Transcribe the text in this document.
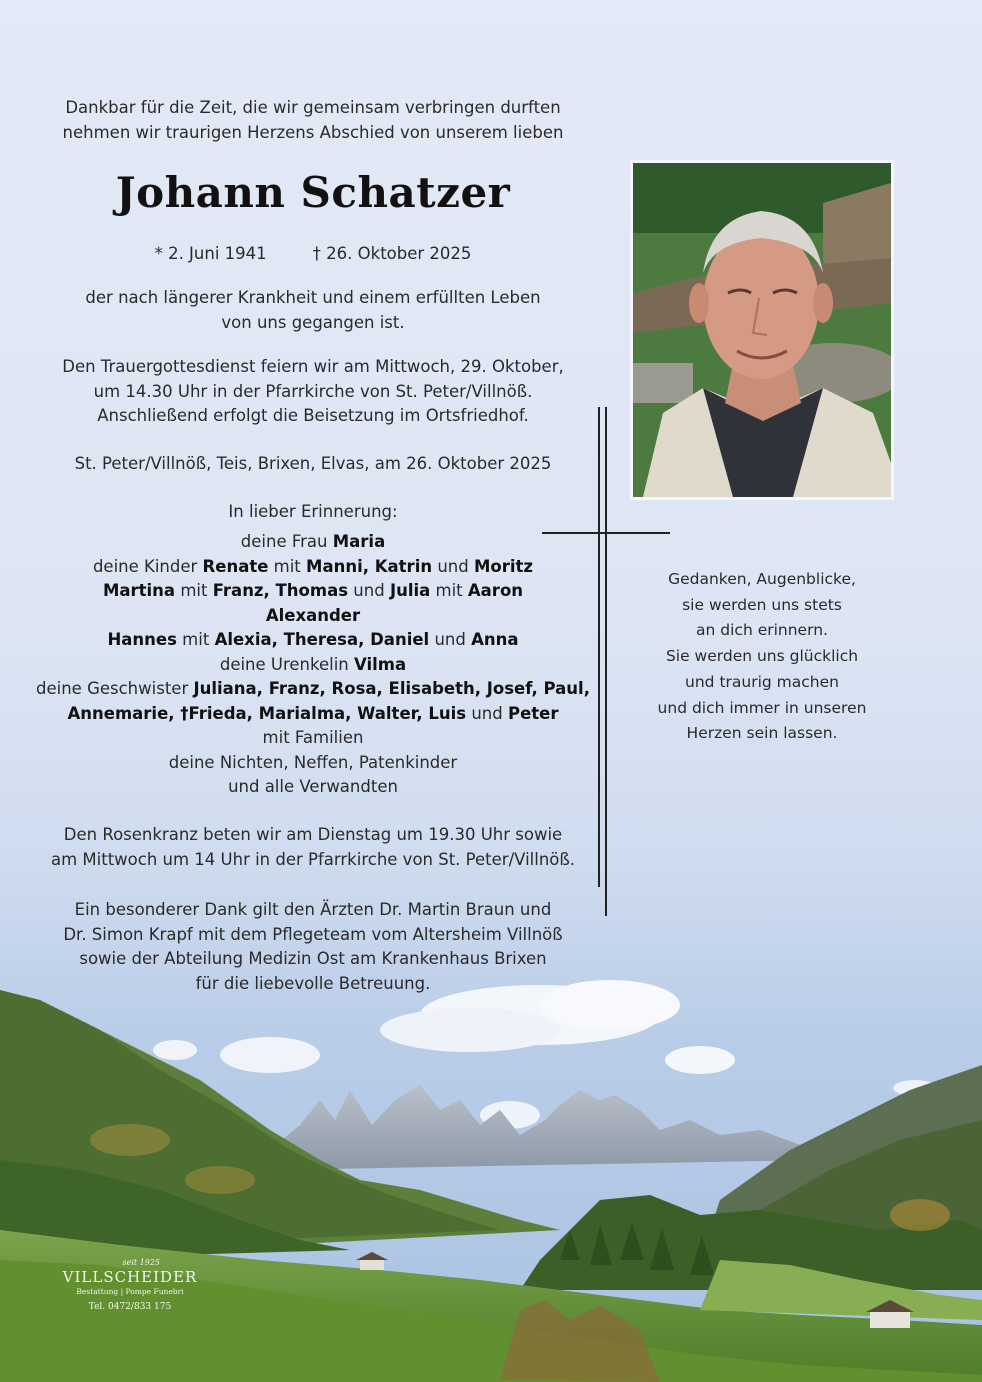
Dankbar für die Zeit, die wir gemeinsam verbringen durften
nehmen wir traurigen Herzens Abschied von unserem lieben
Johann Schatzer
* 2. Juni 1941	† 26. Oktober 2025
der nach längerer Krankheit und einem erfüllten Leben
von uns gegangen ist.
Den Trauergottesdienst feiern wir am Mittwoch, 29. Oktober,
um 14.30 Uhr in der Pfarrkirche von St. Peter/Villnöß.
Anschließend erfolgt die Beisetzung im Ortsfriedhof.
St. Peter/Villnöß, Teis, Brixen, Elvas, am 26. Oktober 2025
In lieber Erinnerung:
deine Frau Maria
deine Kinder Renate mit Manni, Katrin und Moritz
Martina mit Franz, Thomas und Julia mit Aaron
Alexander
Hannes mit Alexia, Theresa, Daniel und Anna
deine Urenkelin Vilma
deine Geschwister Juliana, Franz, Rosa, Elisabeth, Josef, Paul,
Annemarie, †Frieda, Marialma, Walter, Luis und Peter
mit Familien
deine Nichten, Neffen, Patenkinder
und alle Verwandten
Den Rosenkranz beten wir am Dienstag um 19.30 Uhr sowie
am Mittwoch um 14 Uhr in der Pfarrkirche von St. Peter/Villnöß.
Ein besonderer Dank gilt den Ärzten Dr. Martin Braun und
Dr. Simon Krapf mit dem Pflegeteam vom Altersheim Villnöß
sowie der Abteilung Medizin Ost am Krankenhaus Brixen
für die liebevolle Betreuung.
Gedanken, Augenblicke,
sie werden uns stets
an dich erinnern.
Sie werden uns glücklich
und traurig machen
und dich immer in unseren
Herzen sein lassen.
seit 1925
VILLSCHEIDER
Bestattung | Pompe Funebri
Tel. 0472/833 175
